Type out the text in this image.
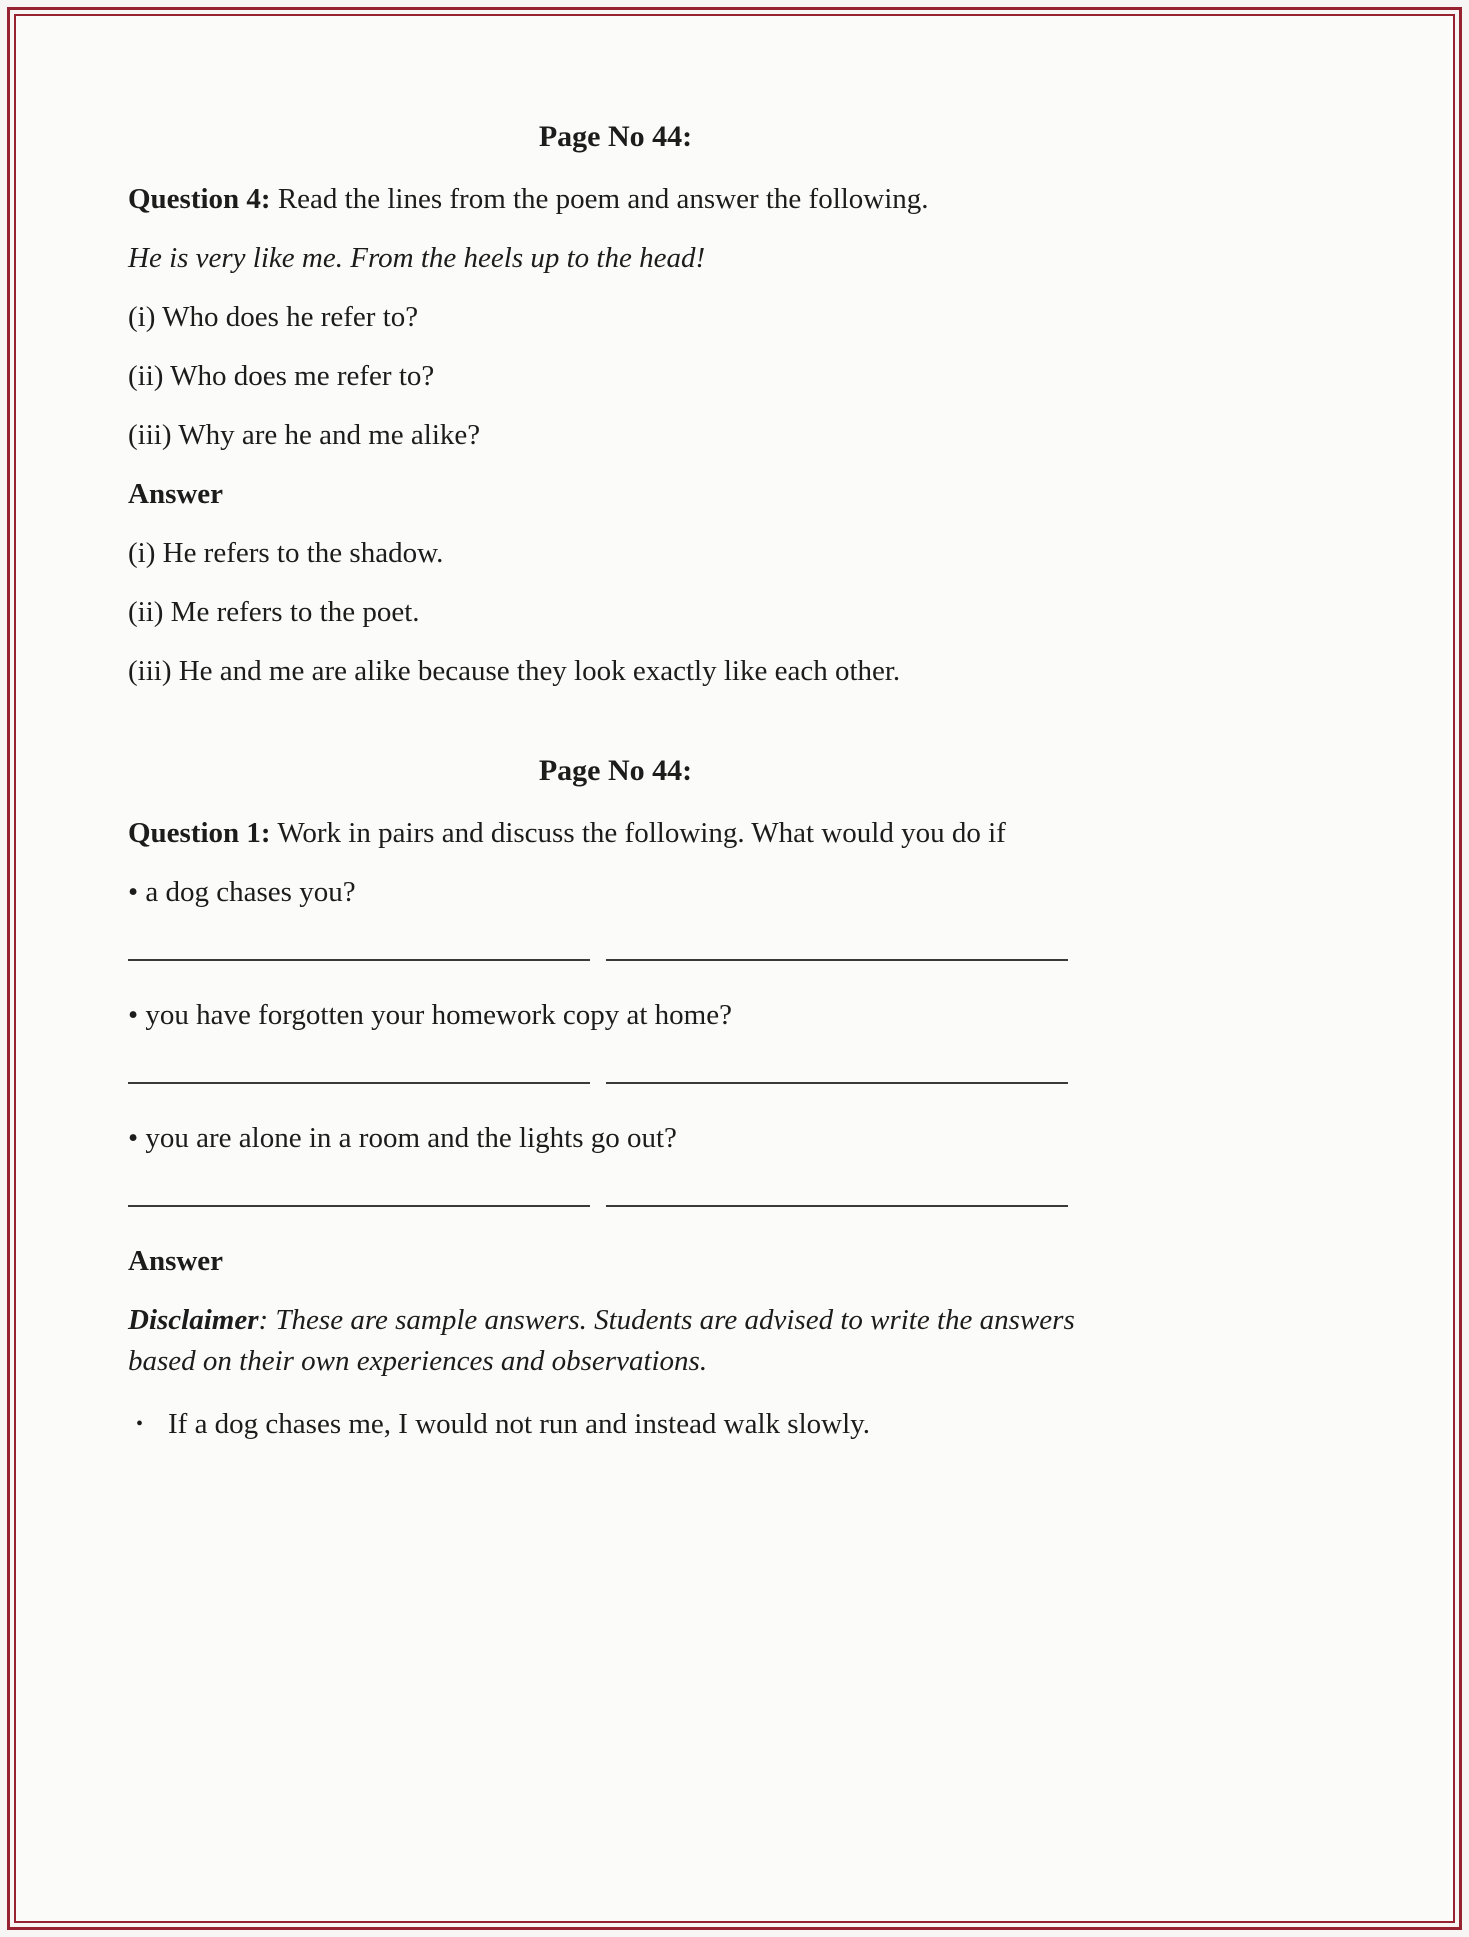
Page No 44:

Question 4: Read the lines from the poem and answer the following.

He is very like me. From the heels up to the head!

(i) Who does he refer to?

(ii) Who does me refer to?

(iii) Why are he and me alike?

Answer

(i) He refers to the shadow.

(ii) Me refers to the poet.

(iii) He and me are alike because they look exactly like each other.

Page No 44:

Question 1: Work in pairs and discuss the following. What would you do if

• a dog chases you?

• you have forgotten your homework copy at home?

• you are alone in a room and the lights go out?

Answer

Disclaimer: These are sample answers. Students are advised to write the answers based on their own experiences and observations.

• If a dog chases me, I would not run and instead walk slowly.
